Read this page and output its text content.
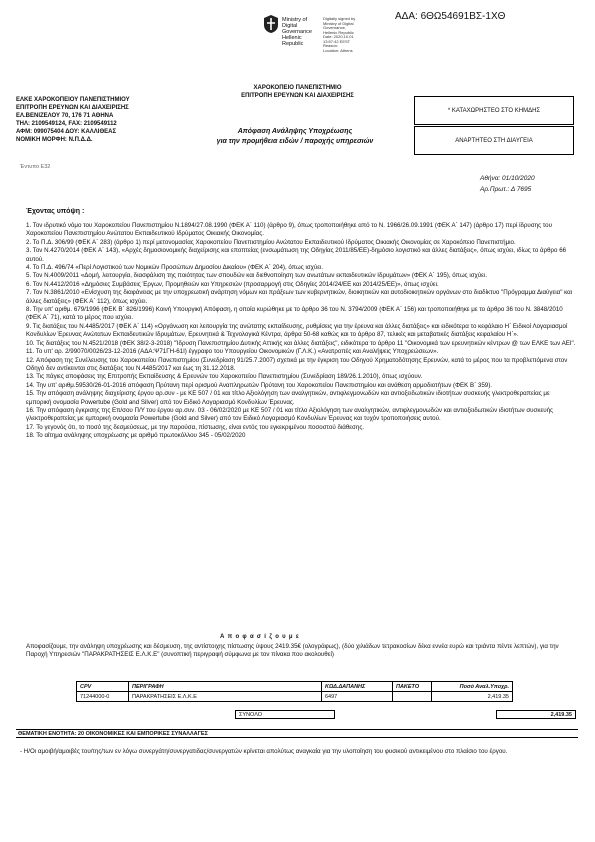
ΑΔΑ: 6ΘΩ54691ΒΣ-1ΧΘ
Ministry of Digital
Governance
Hellenic Republic
Digitally signed by
Ministry of Digital
Governance,
Hellenic Republic
Date: 2020.10.01
13:57:42 EEST
Reason:
Location: Athens
ΧΑΡΟΚΟΠΕΙΟ ΠΑΝΕΠΙΣΤΗΜΙΟ
ΕΠΙΤΡΟΠΗ ΕΡΕΥΝΩΝ ΚΑΙ ΔΙΑΧΕΙΡΙΣΗΣ
ΕΛΚΕ ΧΑΡΟΚΟΠΕΙΟΥ ΠΑΝΕΠΙΣΤΗΜΙΟΥ
ΕΠΙΤΡΟΠΗ ΕΡΕΥΝΩΝ ΚΑΙ ΔΙΑΧΕΙΡΙΣΗΣ
ΕΛ.ΒΕΝΙΖΕΛΟΥ 70, 176 71 ΑΘΗΝΑ
ΤΗΛ: 2109549124, FAX: 2109549112
ΑΦΜ: 099075404 ΔΟΥ: ΚΑΛΛΙΘΕΑΣ
ΝΟΜΙΚΗ ΜΟΡΦΗ: Ν.Π.Δ.Δ.
Απόφαση Ανάληψης Υποχρέωσης
για την προμήθεια ειδών / παροχής υπηρεσιών
* ΚΑΤΑΧΩΡΗΣΤΕΟ ΣΤΟ ΚΗΜΔΗΣ
ΑΝΑΡΤΗΤΕΟ ΣΤΗ ΔΙΑΥΓΕΙΑ
Έντυπο Ε32
Αθήνα: 01/10/2020
Αρ.Πρωτ.: Δ 7695
Έχοντας υπόψη :
1. Τον ιδρυτικό νόμο του Χαροκοπείου Πανεπιστημίου Ν.1894/27.08.1990 (ΦΕΚ Α΄ 110) (άρθρο 9), όπως τροποποιήθηκε από το Ν. 1966/26.09.1991 (ΦΕΚ Α΄ 147) (άρθρο 17) περί ίδρυσης του Χαροκοπείου Πανεπιστημίου Ανώτατου Εκπαιδευτικού Ιδρύματος Οικιακής Οικονομίας.
2. Το Π.Δ. 306/99 (ΦΕΚ Α΄ 283) (άρθρο 1) περί μετονομασίας Χαροκοπείου Πανεπιστημίου Ανώτατου Εκπαιδευτικού Ιδρύματος Οικιακής Οικονομίας σε Χαροκόπειο Πανεπιστήμιο.
3. Τον Ν.4270/2014 (ΦΕΚ Α΄ 143), «Αρχές δημοσιονομικής διαχείρισης και εποπτείας (ενσωμάτωση της Οδηγίας 2011/85/ΕΕ)-δημόσιο λογιστικό και άλλες διατάξεις», όπως ισχύει, ιδίως το άρθρο 66 αυτού.
4. Το Π.Δ. 496/74 «Περί Λογιστικού των Νομικών Προσώπων Δημοσίου Δικαίου» (ΦΕΚ Α΄ 204), όπως ισχύει.
5. Τον Ν.4009/2011 «Δομή, λειτουργία, διασφάλιση της ποιότητας των σπουδών και διεθνοποίηση των ανωτάτων εκπαιδευτικών Ιδρυμάτων» (ΦΕΚ Α΄ 195), όπως ισχύει.
6. Τον Ν.4412/2016 «Δημόσιες Συμβάσεις Έργων, Προμηθειών και Υπηρεσιών (προσαρμογή στις Οδηγίες 2014/24/ΕΕ και 2014/25/ΕΕ)», όπως ισχύει.
7. Τον Ν.3861/2010 «Ενίσχυση της διαφάνειας με την υποχρεωτική ανάρτηση νόμων και πράξεων των κυβερνητικών, διοικητικών και αυτοδιοικητικών οργάνων στο διαδίκτυο "Πρόγραμμα Διαύγεια" και άλλες διατάξεις» (ΦΕΚ Α΄ 112), όπως ισχύει.
8. Την υπ' αριθμ. 679/1996 (ΦΕΚ Β΄ 826/1996) Κοινή Υπουργική Απόφαση, η οποία κυρώθηκε με το άρθρο 36 του Ν. 3794/2009 (ΦΕΚ Α΄ 156) και τροποποιήθηκε με το άρθρο 36 του Ν. 3848/2010 (ΦΕΚ Α΄ 71), κατά το μέρος που ισχύει.
9. Τις διατάξεις του Ν.4485/2017 (ΦΕΚ Α΄ 114) «Οργάνωση και λειτουργία της ανώτατης εκπαίδευσης, ρυθμίσεις για την έρευνα και άλλες διατάξεις» και ειδικότερα το κεφάλαιο Η΄ Ειδικοί Λογαριασμοί Κονδυλίων Έρευνας Ανώτατων Εκπαιδευτικών Ιδρυμάτων, Ερευνητικά & Τεχνολογικά Κέντρα, άρθρα 50-68 καθώς και το άρθρο 87, τελικές και μεταβατικές διατάξεις κεφαλαίου Η΄».
10. Τις διατάξεις του Ν.4521/2018 (ΦΕΚ 38/2-3-2018) "Ίδρυση Πανεπιστημίου Δυτικής Αττικής και άλλες διατάξεις", ειδικότερα το άρθρο 11 "Οικονομικά των ερευνητικών κέντρων @ των ΕΛΚΕ των ΑΕΙ".
11. Το υπ' αρ. 2/99070/0026/23-12-2016 (ΑΔΑ:Ψ71ΓΗ-61Ι) έγγραφο του Υπουργείου Οικονομικών (Γ.Λ.Κ.) «Ανατροπές και Αναλήψεις Υποχρεώσεων».
12. Απόφαση της Συνέλευσης του Χαροκοπείου Πανεπιστημίου (Συνεδρίαση 91/25.7.2007) σχετικά με την έγκριση του Οδηγού Χρηματοδότησης Ερευνών, κατά το μέρος που τα προβλεπόμενα στον Οδηγό δεν αντίκεινται στις διατάξεις του Ν.4485/2017 και έως τη 31.12.2018.
13. Τις πάγιες αποφάσεις της Επιτροπής Εκπαίδευσης & Ερευνών του Χαροκοπείου Πανεπιστημίου (Συνεδρίαση 189/26.1.2010), όπως ισχύουν.
14. Την υπ' αριθμ.59530/26-01-2016 απόφαση Πρύτανη περί ορισμού Αναπληρωτών Πρύτανη του Χαροκοπείου Πανεπιστημίου και ανάθεση αρμοδιοτήτων (ΦΕΚ Β΄ 359).
15. Την απόφαση ανάληψης διαχείρισης έργου αρ.συν - με ΚΕ 507 / 01 και τίτλο Αξιολόγηση των αναλγητικών, αντιφλεγμονωδών και αντιοξειδωτικών ιδιοτήτων συσκευής γλεκτροθεραπείας με εμπορική ονομασία Powertube (Gold and Silver) από τον Ειδικό Λογαριασμό Κονδυλίων Έρευνας.
16. Την απόφαση έγκρισης της Επ/σου Π/Υ του έργου αρ.συν. 03 - 06/02/2020 με ΚΕ 507 / 01 και τίτλο Αξιολόγηση των αναλγητικών, αντιφλεγμονωδών και αντιοξειδωτικών ιδιοτήτων συσκευής γλεκτροθεραπείας με εμπορική ονομασία Powertube (Gold and Silver) από τον Ειδικό Λογαριασμό Κονδυλίων Έρευνας και τυχόν τροποποιήσεις αυτού.
17. Το γεγονός ότι, το ποσό της δεσμεύσεως, με την παρούσα, πίστωσης, είναι εντός του εγκεκριμένου ποσοστού διάθεσης.
18. Το αίτημα ανάληψης υποχρέωσης με αριθμό πρωτοκόλλου 345 - 05/02/2020
Α π ο φ α σ ί ζ ο υ μ ε
Αποφασίζουμε, την ανάληψη υποχρέωσης και δέσμευση, της αντίστοιχης πίστωσης ύψους 2419.35€ (ολογράφως), (δύο χιλιάδων τετρακοσίων δέκα εννέα ευρώ και τριάντα πέντε λεπτών), για την Παροχή Υπηρεσιών "ΠΑΡΑΚΡΑΤΗΣΕΙΣ Ε.Λ.Κ.Ε" (συνοπτική περιγραφή σύμφωνα με τον πίνακα που ακολουθεί)
CPV	ΠΕΡΙΓΡΑΦΗ	ΚΩΔ.ΔΑΠΑΝΗΣ	ΠΑΚΕΤΟ	Ποσό Αναλ.Υποχρ.
71244000-0	ΠΑΡΑΚΡΑΤΗΣΕΙΣ Ε.Λ.Κ.Ε	6497		2,419.35
ΣΥΝΟΛΟ	2,419.35
ΘΕΜΑΤΙΚΗ ΕΝΟΤΗΤΑ: 20 ΟΙΚΟΝΟΜΙΚΕΣ ΚΑΙ ΕΜΠΟΡΙΚΕΣ ΣΥΝΑΛΛΑΓΕΣ
- Η/Οι αμοιβή/αμοιβές του/της/των εν λόγω συνεργάτη/συνεργατιδας/συνεργατών κρίνεται απολύτως αναγκαία για την υλοποίηση του φυσικού αντικειμένου στο πλαίσιο του έργου.
